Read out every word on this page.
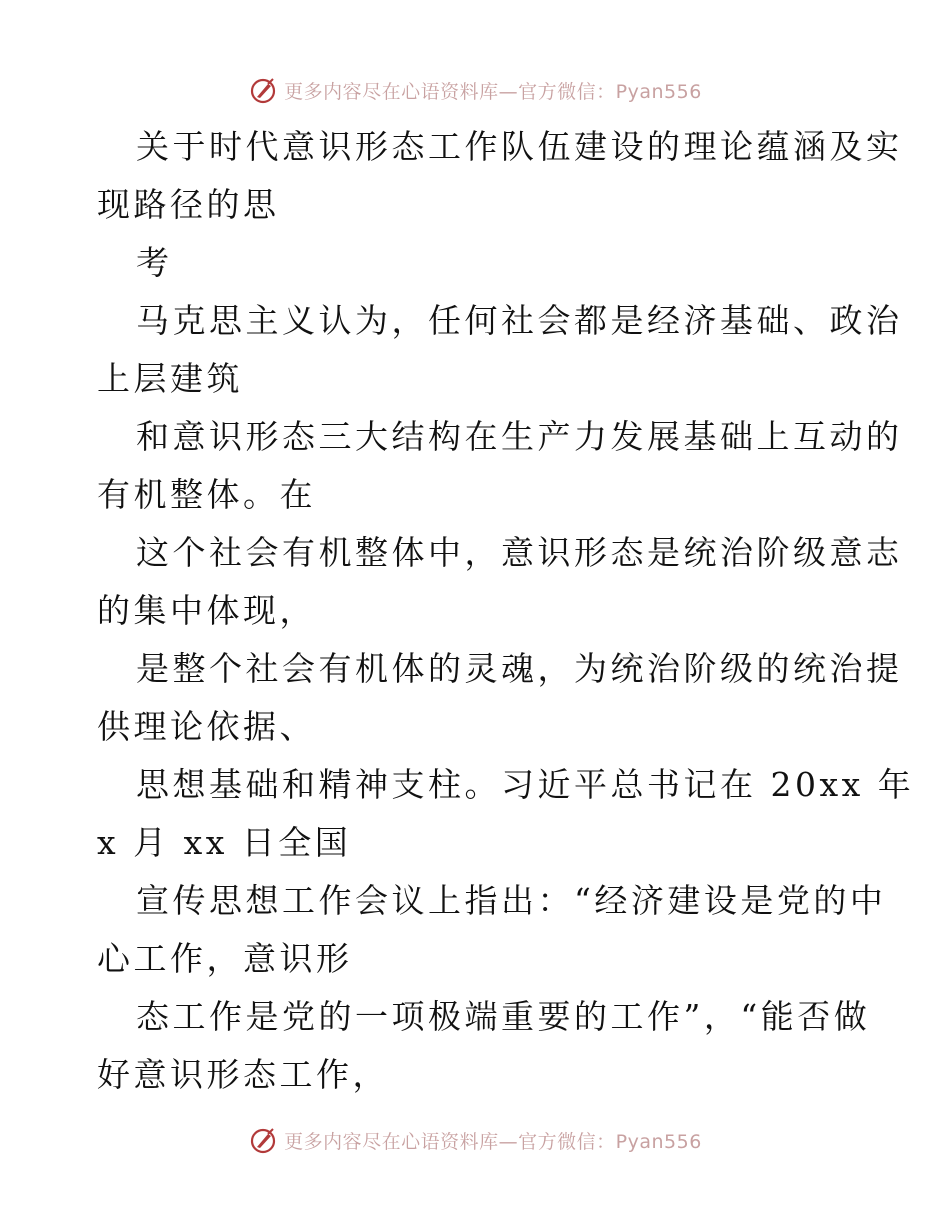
更多内容尽在心语资料库—官方微信：Pyan556
关于时代意识形态工作队伍建设的理论蕴涵及实
现路径的思
考
马克思主义认为，任何社会都是经济基础、政治
上层建筑
和意识形态三大结构在生产力发展基础上互动的
有机整体。在
这个社会有机整体中，意识形态是统治阶级意志
的集中体现，
是整个社会有机体的灵魂，为统治阶级的统治提
供理论依据、
思想基础和精神支柱。习近平总书记在 20xx 年
x 月 xx 日全国
宣传思想工作会议上指出：“经济建设是党的中
心工作，意识形
态工作是党的一项极端重要的工作”，“能否做
好意识形态工作，
更多内容尽在心语资料库—官方微信：Pyan556
